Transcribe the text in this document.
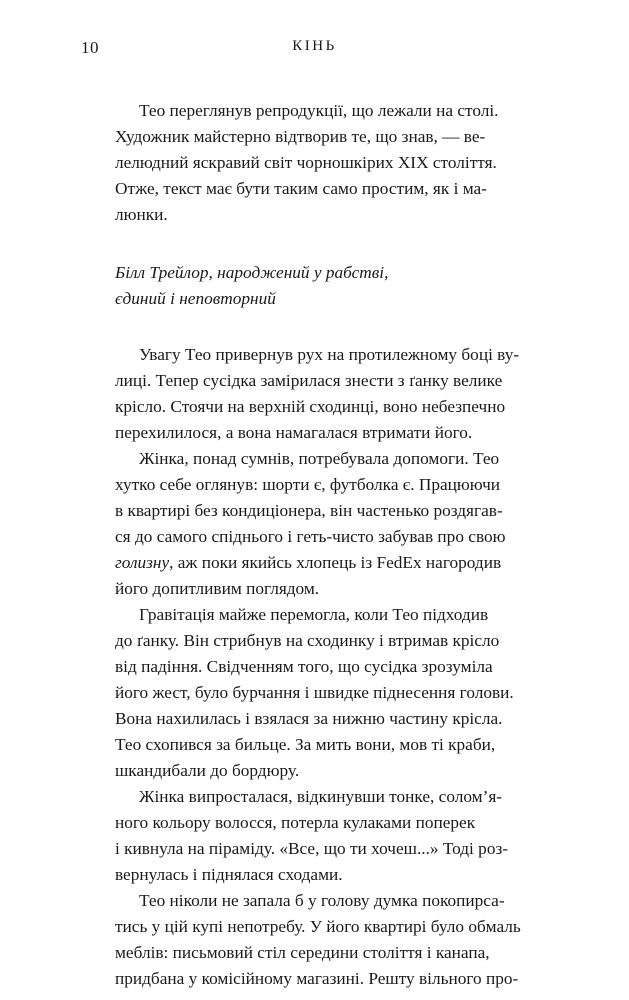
10	КІНЬ

Тео переглянув репродукції, що лежали на столі.
Художник майстерно відтворив те, що знав, — ве-
лелюдний яскравий світ чорношкірих XIX століття.
Отже, текст має бути таким само простим, як і ма-
люнки.

Білл Трейлор, народжений у рабстві,
єдиний і неповторний

Увагу Тео привернув рух на протилежному боці ву-
лиці. Тепер сусідка замірилася знести з ґанку велике
крісло. Стоячи на верхній сходинці, воно небезпечно
перехилилося, а вона намагалася втримати його.

Жінка, понад сумнів, потребувала допомоги. Тео
хутко себе оглянув: шорти є, футболка є. Працюючи
в квартирі без кондиціонера, він частенько роздягав-
ся до самого спіднього і геть-чисто забував про свою
голизну, аж поки якийсь хлопець із FedEx нагородив
його допитливим поглядом.

Гравітація майже перемогла, коли Тео підходив
до ґанку. Він стрибнув на сходинку і втримав крісло
від падіння. Свідченням того, що сусідка зрозуміла
його жест, було бурчання і швидке піднесення голови.
Вона нахилилась і взялася за нижню частину крісла.
Тео схопився за бильце. За мить вони, мов ті краби,
шкандибали до бордюру.

Жінка випросталася, відкинувши тонке, солом’я-
ного кольору волосся, потерла кулаками поперек
і кивнула на піраміду. «Все, що ти хочеш...» Тоді роз-
вернулась і піднялася сходами.

Тео ніколи не запала б у голову думка покопирса-
тись у цій купі непотребу. У його квартирі було обмаль
меблів: письмовий стіл середини століття і канапа,
придбана у комісійному магазині. Решту вільного про-
